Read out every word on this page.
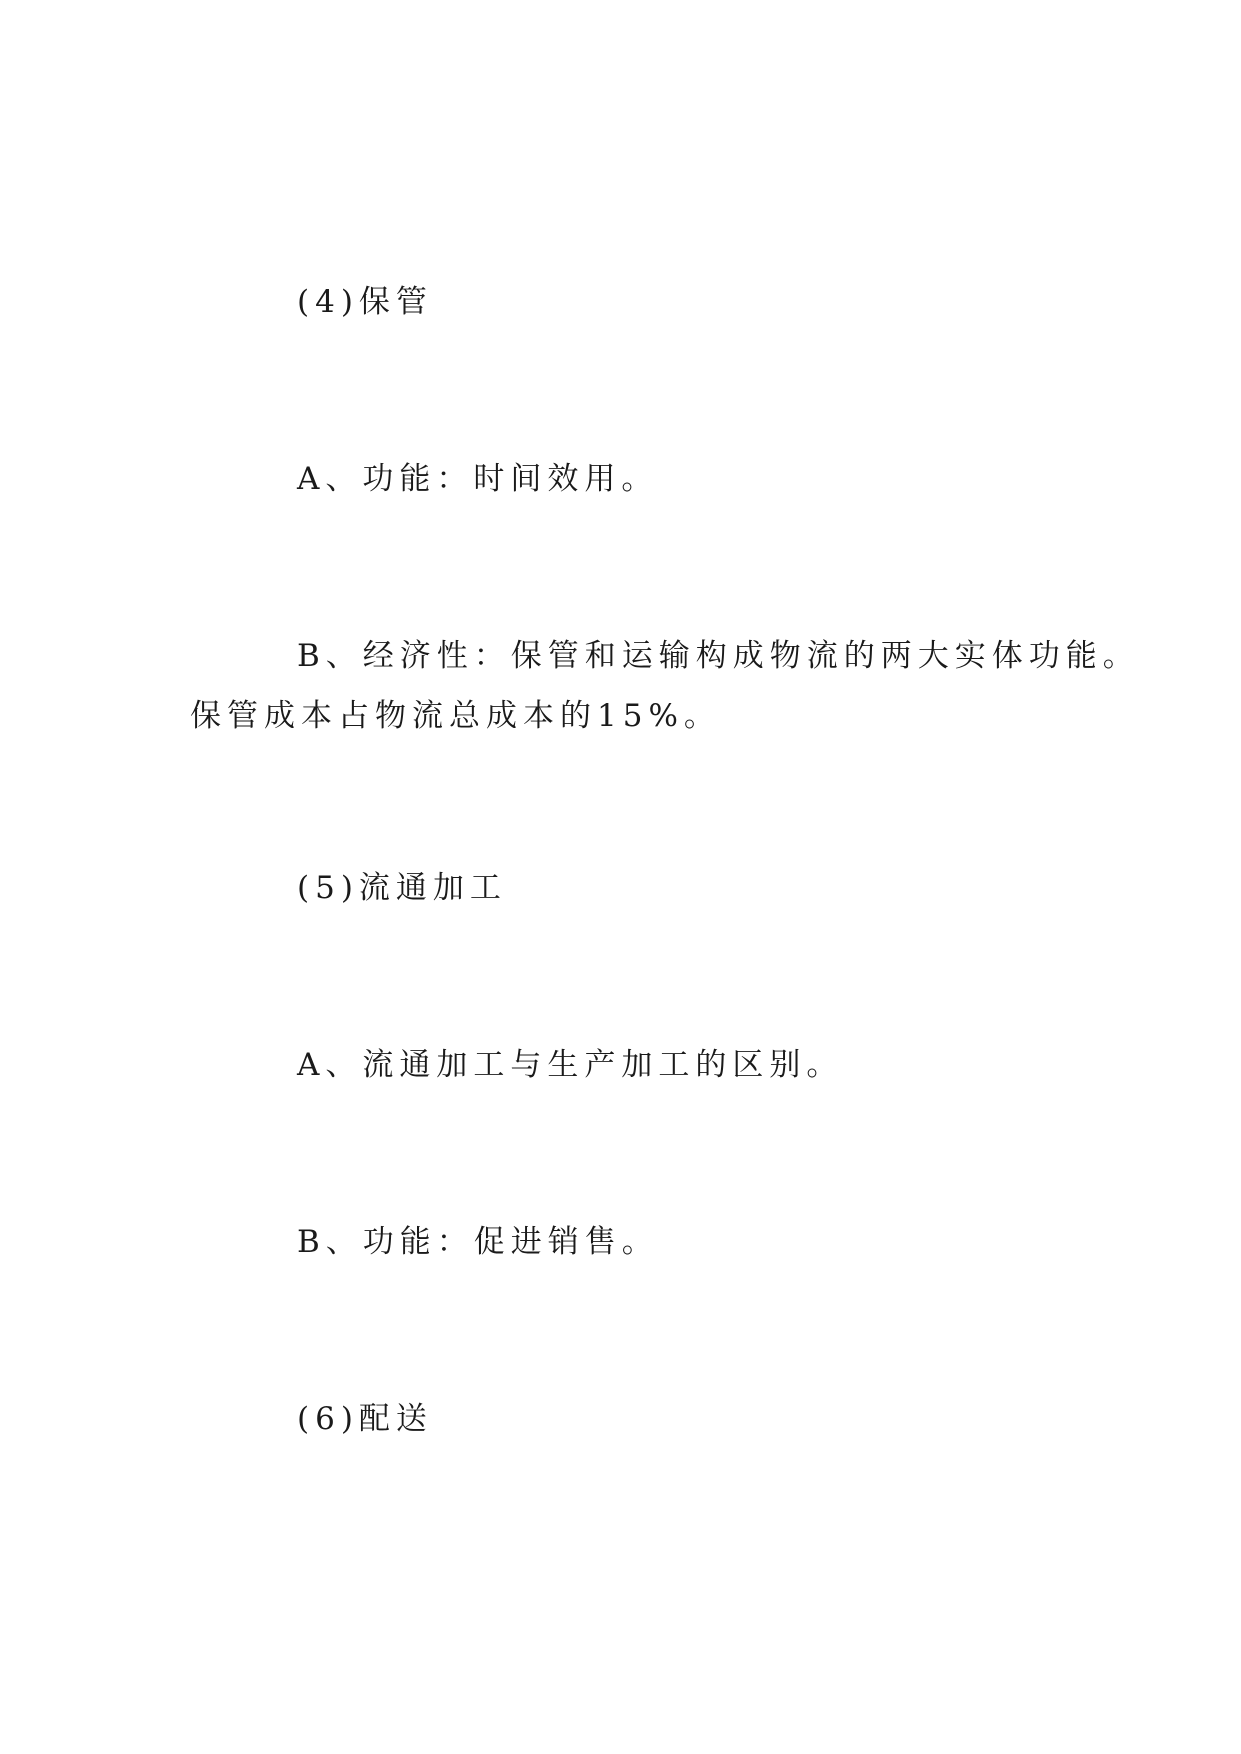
(4)保管

A、功能：时间效用。

B、经济性：保管和运输构成物流的两大实体功能。

保管成本占物流总成本的15%。

(5)流通加工

A、流通加工与生产加工的区别。

B、功能：促进销售。

(6)配送
